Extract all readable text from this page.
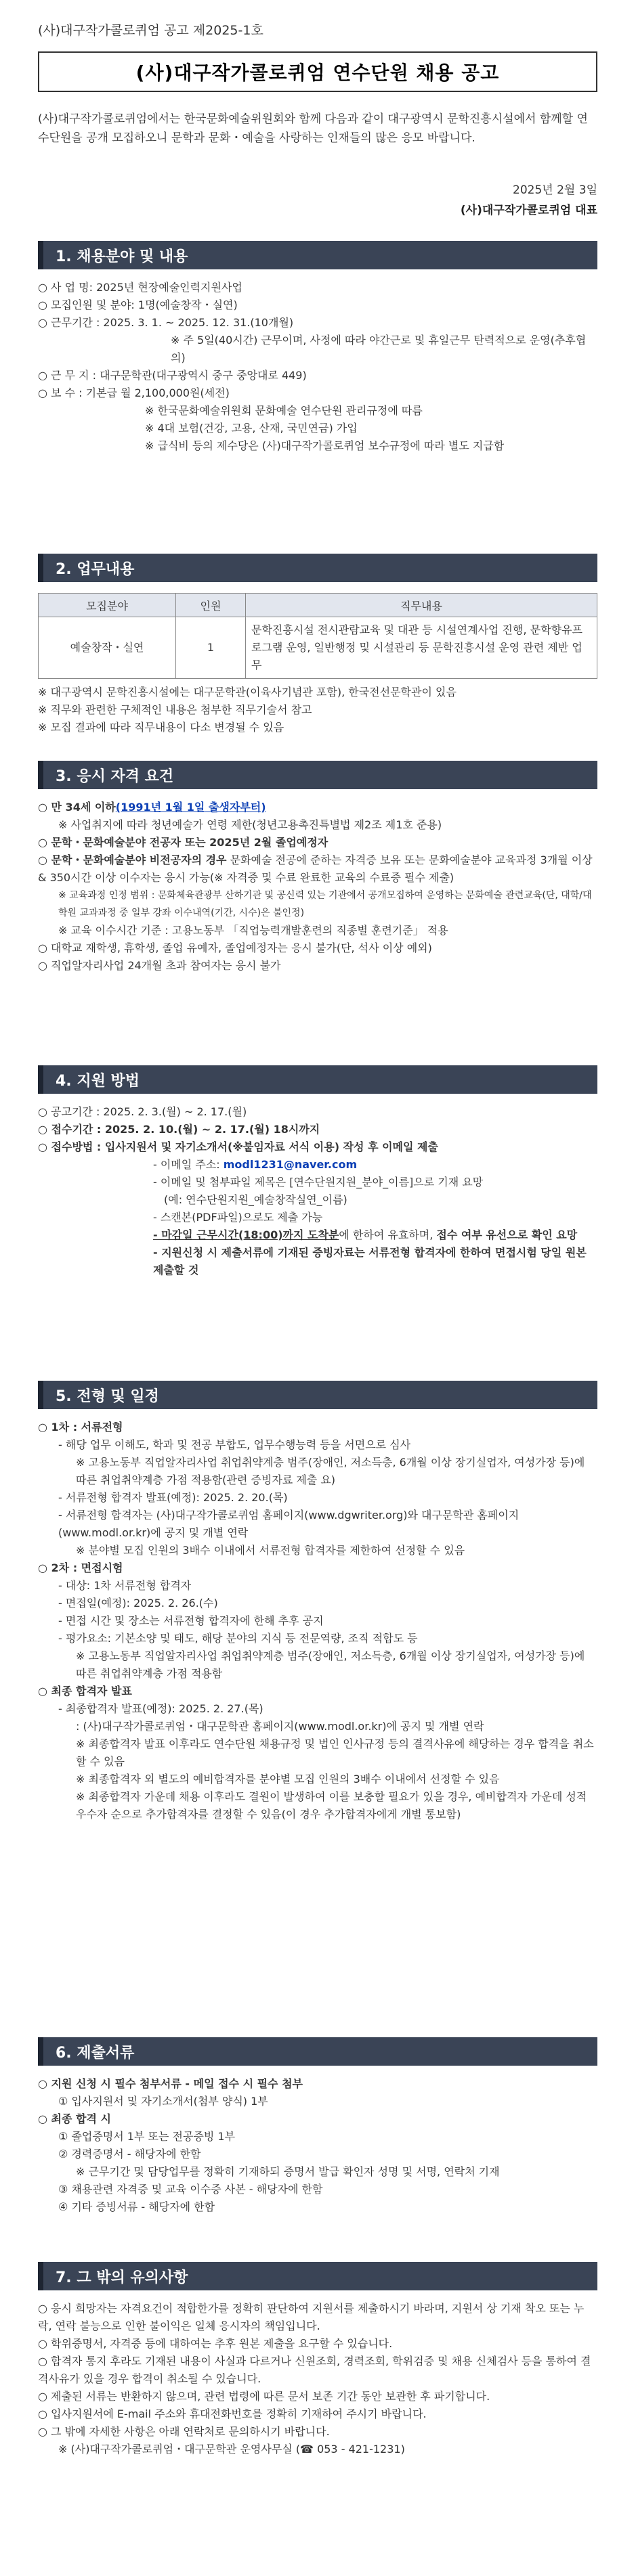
(사)대구작가콜로퀴엄 공고 제2025-1호
(사)대구작가콜로퀴엄 연수단원 채용 공고
(사)대구작가콜로퀴엄에서는 한국문화예술위원회와 함께 다음과 같이 대구광역시 문학진흥시설에서 함께할 연수단원을 공개 모집하오니 문학과 문화・예술을 사랑하는 인재들의 많은 응모 바랍니다.
2025년 2월 3일
(사)대구작가콜로퀴엄 대표
1. 채용분야 및 내용
○ 사 업 명: 2025년 현장예술인력지원사업
○ 모집인원 및 분야: 1명(예술창작・실연)
○ 근무기간 : 2025. 3. 1. ~ 2025. 12. 31.(10개월)
※ 주 5일(40시간) 근무이며, 사정에 따라 야간근로 및 휴일근무 탄력적으로 운영(추후협의)
○ 근 무 지 : 대구문학관(대구광역시 중구 중앙대로 449)
○ 보 수 : 기본급 월 2,100,000원(세전)
※ 한국문화예술위원회 문화예술 연수단원 관리규정에 따름
※ 4대 보험(건강, 고용, 산재, 국민연금) 가입
※ 급식비 등의 제수당은 (사)대구작가콜로퀴엄 보수규정에 따라 별도 지급함
2. 업무내용
모집분야	인원	직무내용
예술창작・실연	1	문학진흥시설 전시관람교육 및 대관 등 시설연계사업 진행, 문학향유프로그램 운영, 일반행정 및 시설관리 등 문학진흥시설 운영 관련 제반 업무
※ 대구광역시 문학진흥시설에는 대구문학관(이육사기념관 포함), 한국전선문학관이 있음
※ 직무와 관련한 구체적인 내용은 첨부한 직무기술서 참고
※ 모집 결과에 따라 직무내용이 다소 변경될 수 있음
3. 응시 자격 요건
○ 만 34세 이하(1991년 1월 1일 출생자부터)
※ 사업취지에 따라 청년예술가 연령 제한(청년고용촉진특별법 제2조 제1호 준용)
○ 문학・문화예술분야 전공자 또는 2025년 2월 졸업예정자
○ 문학・문화예술분야 비전공자의 경우 문화예술 전공에 준하는 자격증 보유 또는 문화예술분야 교육과정 3개월 이상 & 350시간 이상 이수자는 응시 가능(※ 자격증 및 수료 완료한 교육의 수료증 필수 제출)
※ 교육과정 인정 범위 : 문화체육관광부 산하기관 및 공신력 있는 기관에서 공개모집하여 운영하는 문화예술 관련교육(단, 대학/대학원 교과과정 중 일부 강좌 이수내역(기간, 시수)은 불인정)
※ 교육 이수시간 기준 : 고용노동부 「직업능력개발훈련의 직종별 훈련기준」 적용
○ 대학교 재학생, 휴학생, 졸업 유예자, 졸업예정자는 응시 불가(단, 석사 이상 예외)
○ 직업알자리사업 24개월 초과 참여자는 응시 불가
4. 지원 방법
○ 공고기간 : 2025. 2. 3.(월) ~ 2. 17.(월)
○ 접수기간 : 2025. 2. 10.(월) ~ 2. 17.(월) 18시까지
○ 접수방법 : 입사지원서 및 자기소개서(※붙임자료 서식 이용) 작성 후 이메일 제출
- 이메일 주소: modl1231@naver.com
- 이메일 및 첨부파일 제목은 [연수단원지원_분야_이름]으로 기재 요망
(예: 연수단원지원_예술창작실연_이름)
- 스캔본(PDF파일)으로도 제출 가능
- 마감일 근무시간(18:00)까지 도착분에 한하여 유효하며, 접수 여부 유선으로 확인 요망
- 지원신청 시 제출서류에 기재된 증빙자료는 서류전형 합격자에 한하여 면접시험 당일 원본 제출할 것
5. 전형 및 일정
○ 1차 : 서류전형
- 해당 업무 이해도, 학과 및 전공 부합도, 업무수행능력 등을 서면으로 심사
※ 고용노동부 직업알자리사업 취업취약계층 범주(장애인, 저소득층, 6개월 이상 장기실업자, 여성가장 등)에 따른 취업취약계층 가점 적용함(관련 증빙자료 제출 요)
- 서류전형 합격자 발표(예정): 2025. 2. 20.(목)
- 서류전형 합격자는 (사)대구작가콜로퀴엄 홈페이지(www.dgwriter.org)와 대구문학관 홈페이지(www.modl.or.kr)에 공지 및 개별 연락
※ 분야별 모집 인원의 3배수 이내에서 서류전형 합격자를 제한하여 선정할 수 있음
○ 2차 : 면접시험
- 대상: 1차 서류전형 합격자
- 면접일(예정): 2025. 2. 26.(수)
- 면접 시간 및 장소는 서류전형 합격자에 한해 추후 공지
- 평가요소: 기본소양 및 태도, 해당 분야의 지식 등 전문역량, 조직 적합도 등
※ 고용노동부 직업알자리사업 취업취약계층 범주(장애인, 저소득층, 6개월 이상 장기실업자, 여성가장 등)에 따른 취업취약계층 가점 적용함
○ 최종 합격자 발표
- 최종합격자 발표(예정): 2025. 2. 27.(목)
: (사)대구작가콜로퀴엄・대구문학관 홈페이지(www.modl.or.kr)에 공지 및 개별 연락
※ 최종합격자 발표 이후라도 연수단원 채용규정 및 법인 인사규정 등의 결격사유에 해당하는 경우 합격을 취소할 수 있음
※ 최종합격자 외 별도의 예비합격자를 분야별 모집 인원의 3배수 이내에서 선정할 수 있음
※ 최종합격자 가운데 채용 이후라도 결원이 발생하여 이를 보충할 필요가 있을 경우, 예비합격자 가운데 성적 우수자 순으로 추가합격자를 결정할 수 있음(이 경우 추가합격자에게 개별 통보함)
6. 제출서류
○ 지원 신청 시 필수 첨부서류 - 메일 접수 시 필수 첨부
① 입사지원서 및 자기소개서(첨부 양식) 1부
○ 최종 합격 시
① 졸업증명서 1부 또는 전공증빙 1부
② 경력증명서 - 해당자에 한함
※ 근무기간 및 담당업무를 정확히 기재하되 증명서 발급 확인자 성명 및 서명, 연락처 기재
③ 채용관련 자격증 및 교육 이수증 사본 - 해당자에 한함
④ 기타 증빙서류 - 해당자에 한함
7. 그 밖의 유의사항
○ 응시 희망자는 자격요건이 적합한가를 정확히 판단하여 지원서를 제출하시기 바라며, 지원서 상 기재 착오 또는 누락, 연락 불능으로 인한 불이익은 일체 응시자의 책임입니다.
○ 학위증명서, 자격증 등에 대하여는 추후 원본 제출을 요구할 수 있습니다.
○ 합격자 통지 후라도 기재된 내용이 사실과 다르거나 신원조회, 경력조회, 학위검증 및 채용 신체검사 등을 통하여 결격사유가 있을 경우 합격이 취소될 수 있습니다.
○ 제출된 서류는 반환하지 않으며, 관련 법령에 따른 문서 보존 기간 동안 보관한 후 파기합니다.
○ 입사지원서에 E-mail 주소와 휴대전화번호를 정확히 기재하여 주시기 바랍니다.
○ 그 밖에 자세한 사항은 아래 연락처로 문의하시기 바랍니다.
※ (사)대구작가콜로퀴엄・대구문학관 운영사무실 (☎ 053 - 421-1231)
